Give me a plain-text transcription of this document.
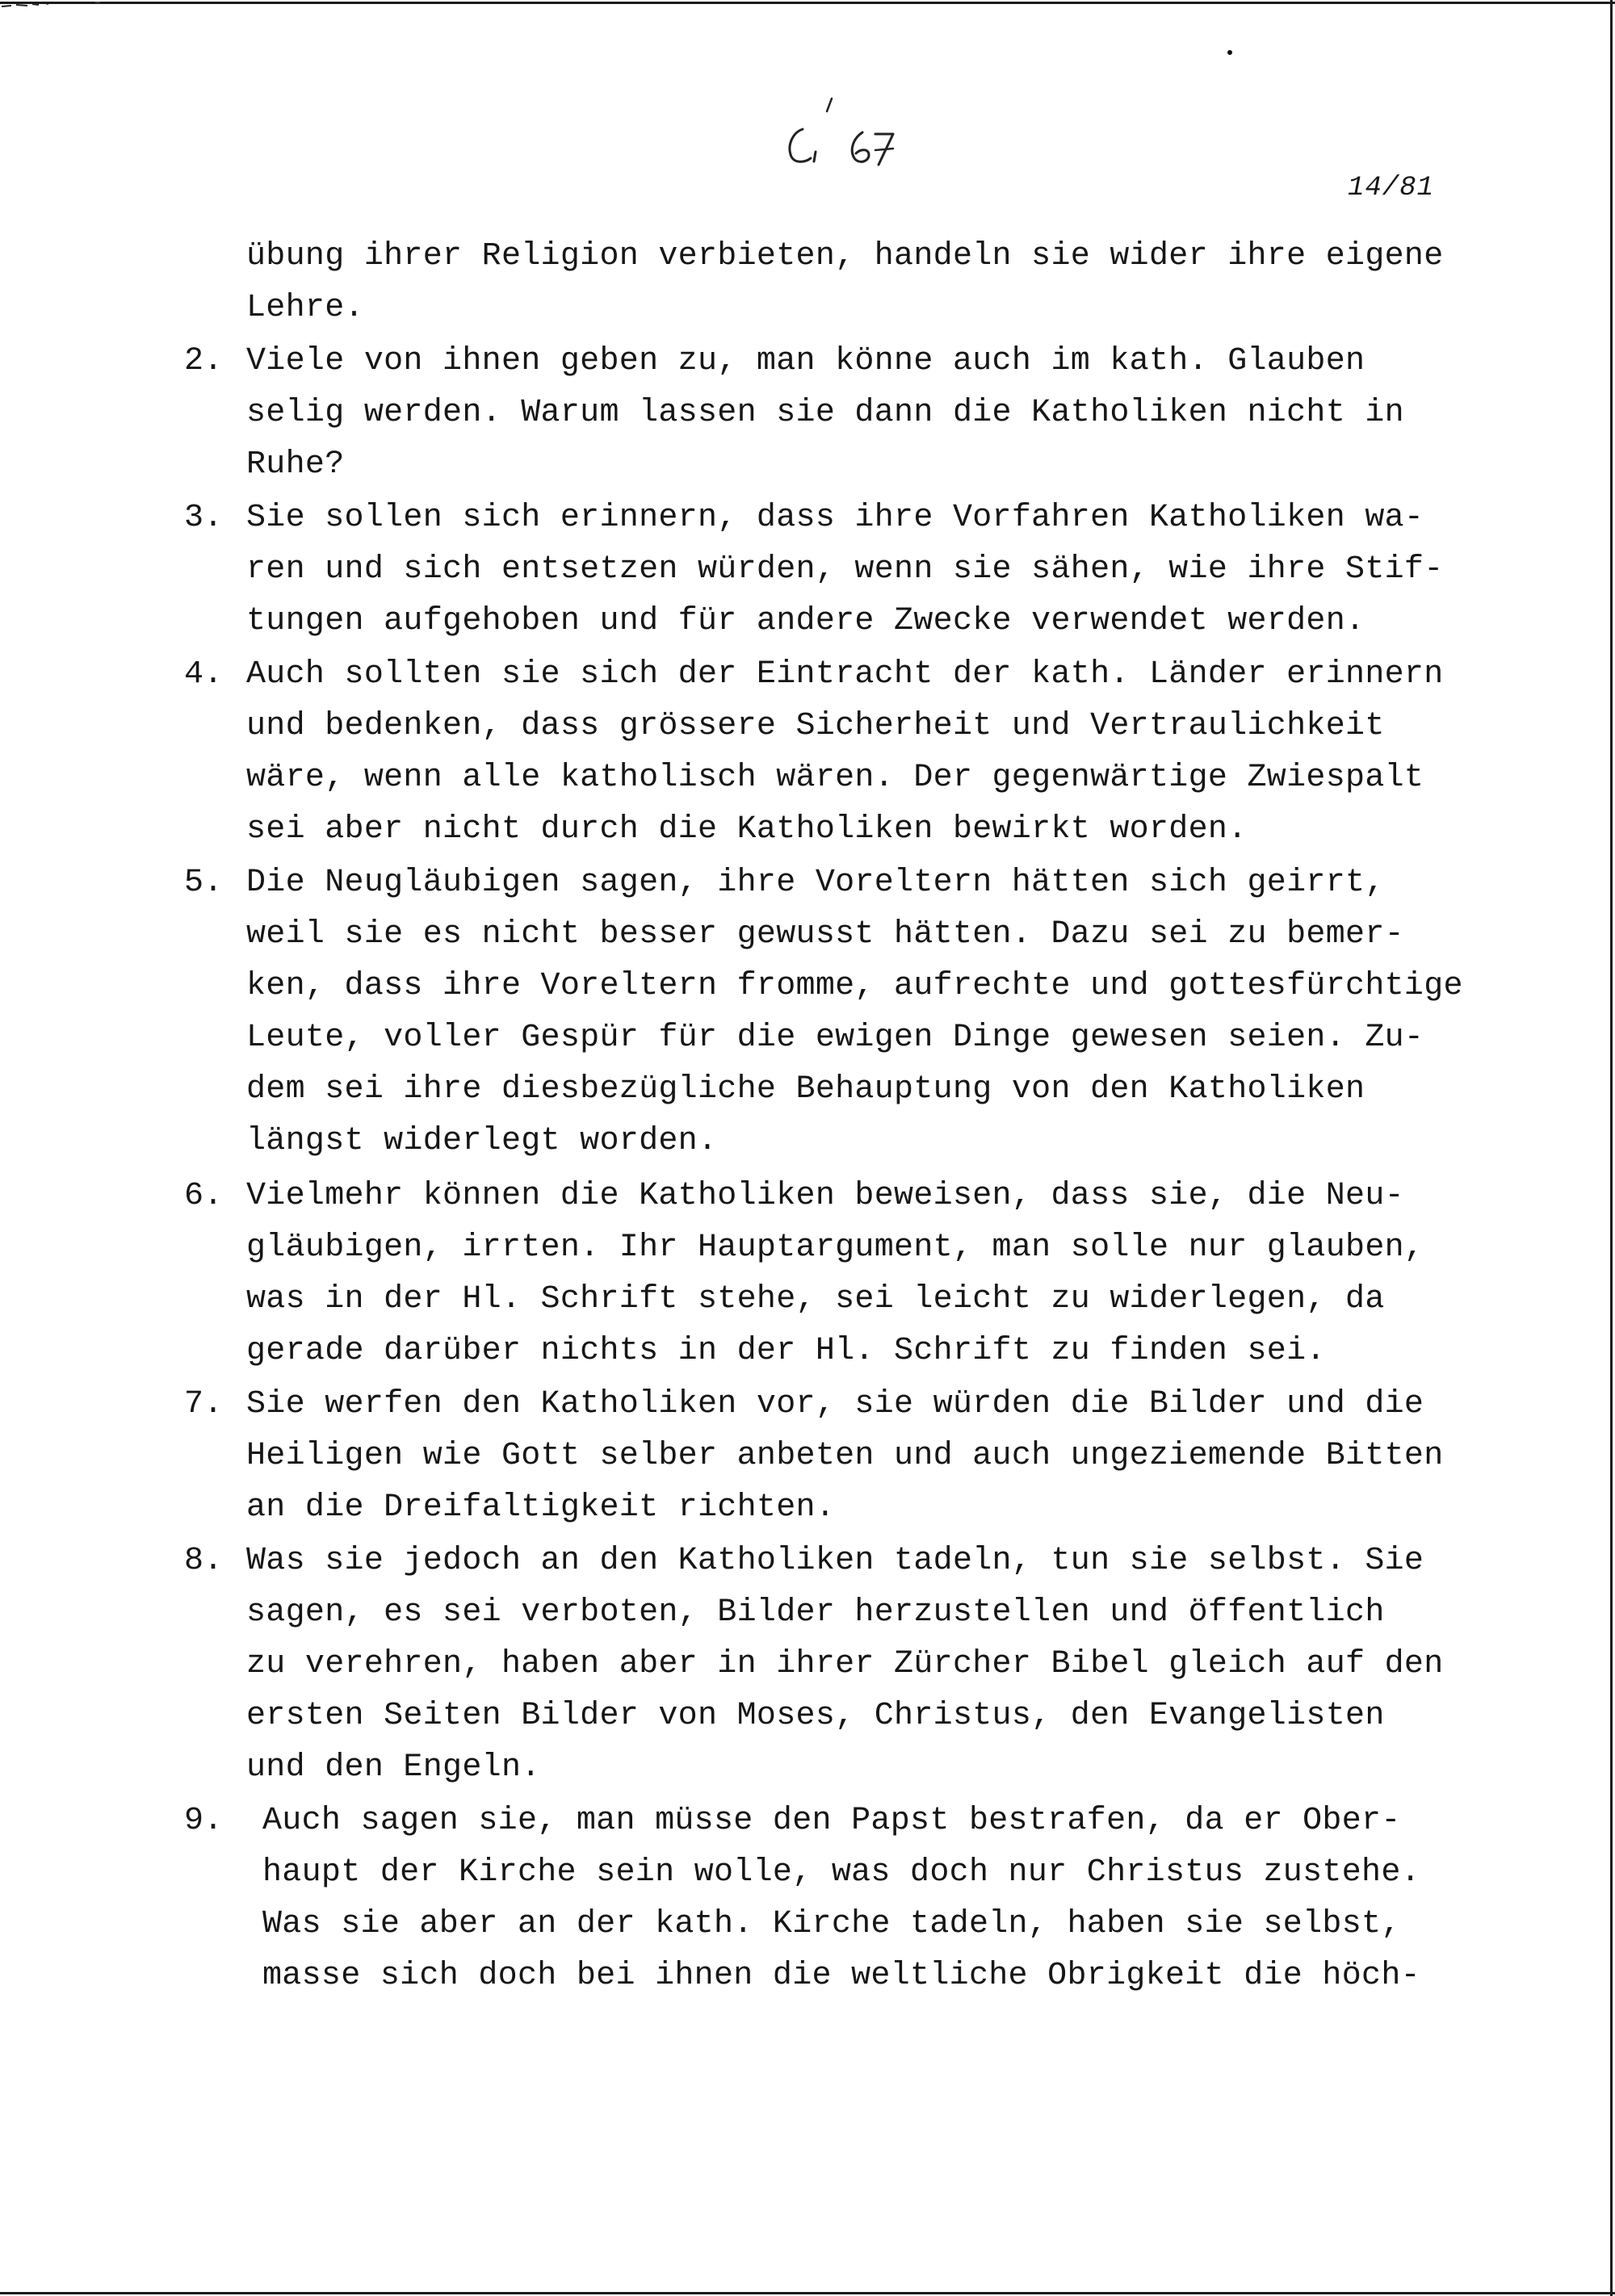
14/81
2.
3.
4.
5.
6.
7.
8.
9.
übung ihrer Religion verbieten, handeln sie wider ihre eigene
Lehre.
Viele von ihnen geben zu, man könne auch im kath. Glauben
selig werden. Warum lassen sie dann die Katholiken nicht in
Ruhe?
Sie sollen sich erinnern, dass ihre Vorfahren Katholiken wa-
ren und sich entsetzen würden, wenn sie sähen, wie ihre Stif-
tungen aufgehoben und für andere Zwecke verwendet werden.
Auch sollten sie sich der Eintracht der kath. Länder erinnern
und bedenken, dass grössere Sicherheit und Vertraulichkeit
wäre, wenn alle katholisch wären. Der gegenwärtige Zwiespalt
sei aber nicht durch die Katholiken bewirkt worden.
Die Neugläubigen sagen, ihre Voreltern hätten sich geirrt,
weil sie es nicht besser gewusst hätten. Dazu sei zu bemer-
ken, dass ihre Voreltern fromme, aufrechte und gottesfürchtige
Leute, voller Gespür für die ewigen Dinge gewesen seien. Zu-
dem sei ihre diesbezügliche Behauptung von den Katholiken
längst widerlegt worden.
Vielmehr können die Katholiken beweisen, dass sie, die Neu-
gläubigen, irrten. Ihr Hauptargument, man solle nur glauben,
was in der Hl. Schrift stehe, sei leicht zu widerlegen, da
gerade darüber nichts in der Hl. Schrift zu finden sei.
Sie werfen den Katholiken vor, sie würden die Bilder und die
Heiligen wie Gott selber anbeten und auch ungeziemende Bitten
an die Dreifaltigkeit richten.
Was sie jedoch an den Katholiken tadeln, tun sie selbst. Sie
sagen, es sei verboten, Bilder herzustellen und öffentlich
zu verehren, haben aber in ihrer Zürcher Bibel gleich auf den
ersten Seiten Bilder von Moses, Christus, den Evangelisten
und den Engeln.
Auch sagen sie, man müsse den Papst bestrafen, da er Ober-
haupt der Kirche sein wolle, was doch nur Christus zustehe.
Was sie aber an der kath. Kirche tadeln, haben sie selbst,
masse sich doch bei ihnen die weltliche Obrigkeit die höch-
